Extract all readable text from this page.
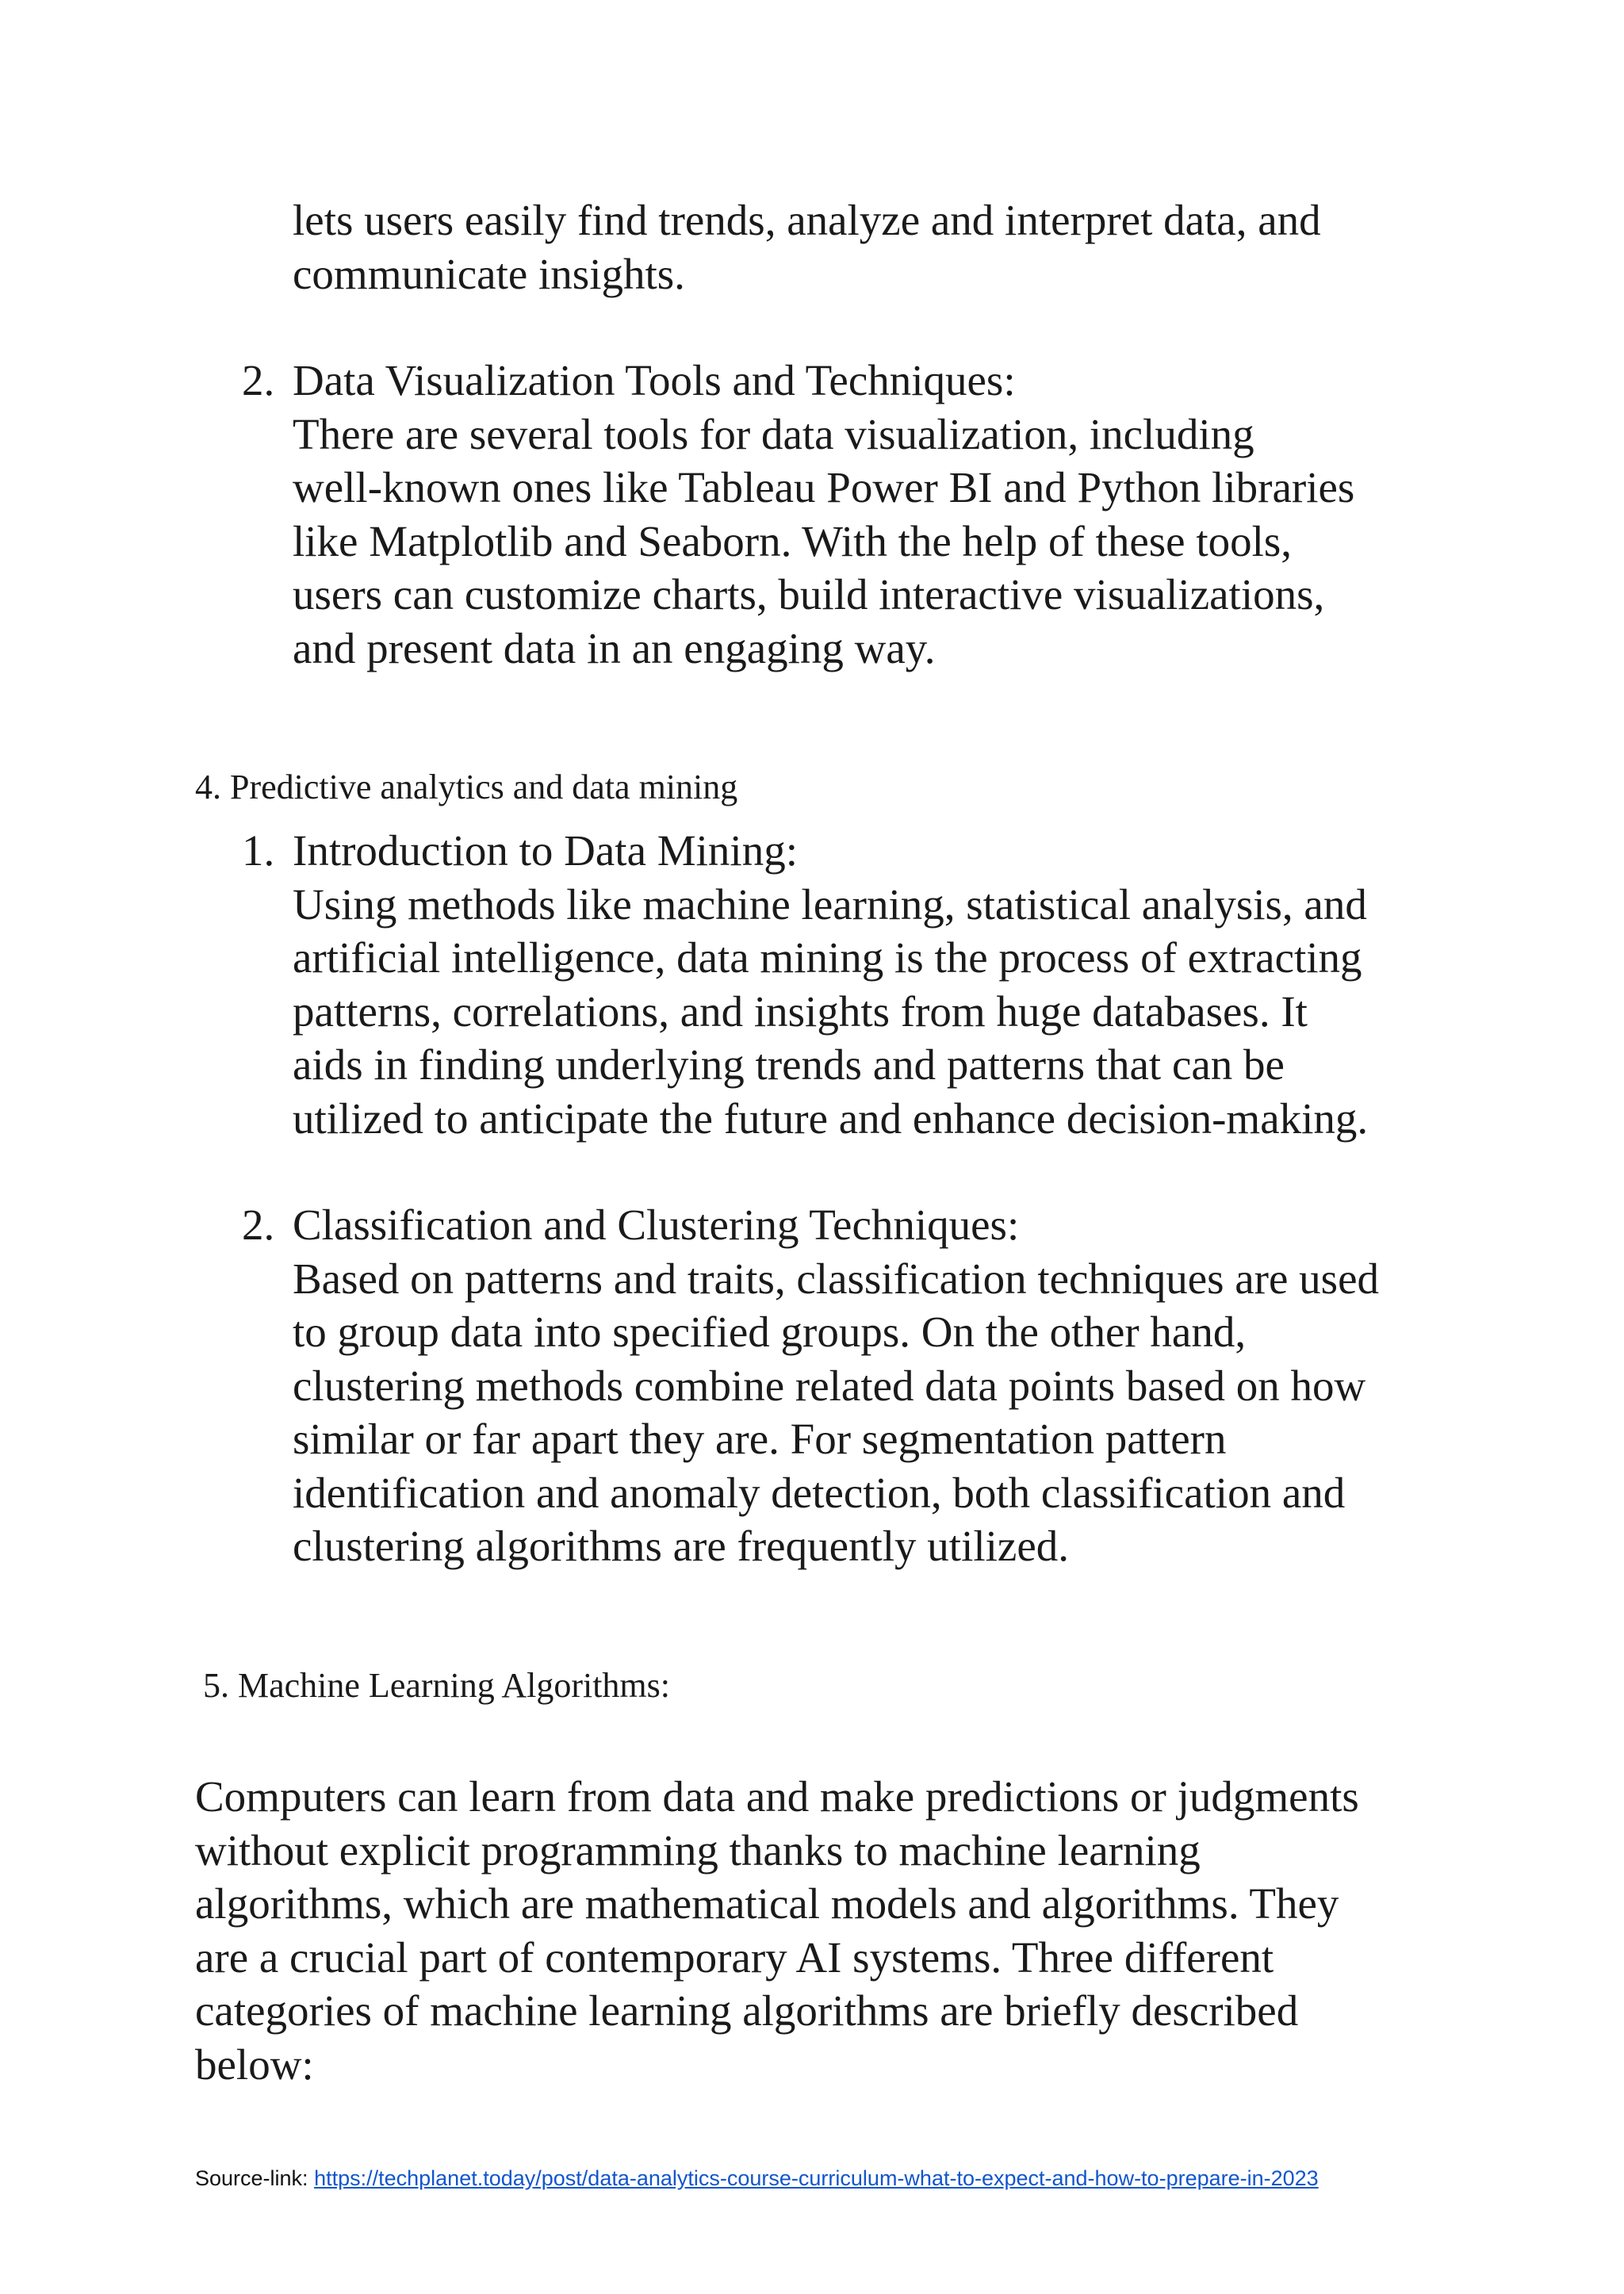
lets users easily find trends, analyze and interpret data, and
communicate insights.
2. Data Visualization Tools and Techniques:
There are several tools for data visualization, including
well-known ones like Tableau Power BI and Python libraries
like Matplotlib and Seaborn. With the help of these tools,
users can customize charts, build interactive visualizations,
and present data in an engaging way.
4. Predictive analytics and data mining
1. Introduction to Data Mining:
Using methods like machine learning, statistical analysis, and
artificial intelligence, data mining is the process of extracting
patterns, correlations, and insights from huge databases. It
aids in finding underlying trends and patterns that can be
utilized to anticipate the future and enhance decision-making.
2. Classification and Clustering Techniques:
Based on patterns and traits, classification techniques are used
to group data into specified groups. On the other hand,
clustering methods combine related data points based on how
similar or far apart they are. For segmentation pattern
identification and anomaly detection, both classification and
clustering algorithms are frequently utilized.
5. Machine Learning Algorithms:
Computers can learn from data and make predictions or judgments
without explicit programming thanks to machine learning
algorithms, which are mathematical models and algorithms. They
are a crucial part of contemporary AI systems. Three different
categories of machine learning algorithms are briefly described
below:
Source-link: https://techplanet.today/post/data-analytics-course-curriculum-what-to-expect-and-how-to-prepare-in-2023
